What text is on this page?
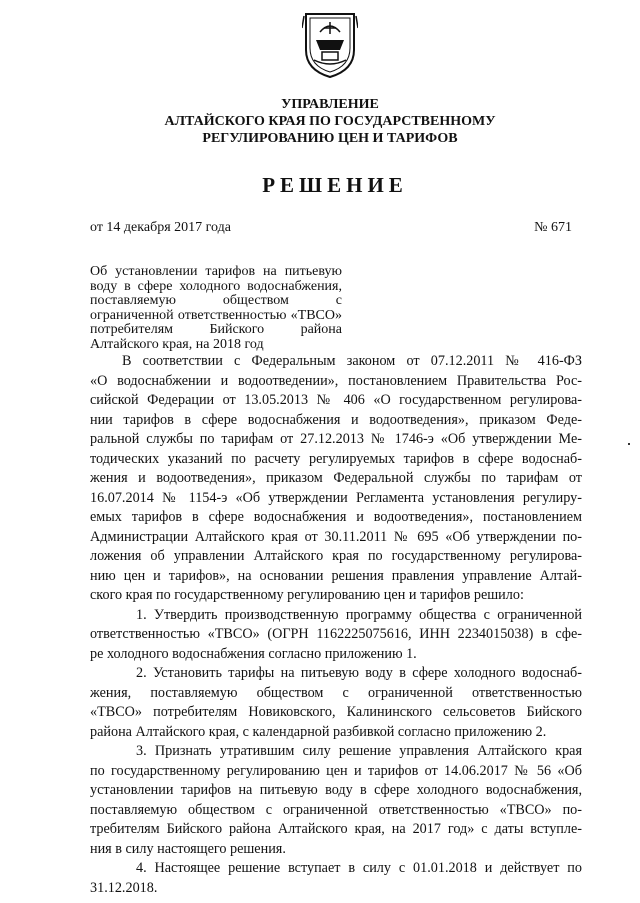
УПРАВЛЕНИЕ
АЛТАЙСКОГО КРАЯ ПО ГОСУДАРСТВЕННОМУ
РЕГУЛИРОВАНИЮ ЦЕН И ТАРИФОВ
РЕШЕНИЕ
от 14 декабря 2017 года	№ 671
Об установлении тарифов на питьевую воду в сфере холодного водоснабжения, поставляемую обществом с ограниченной ответственностью «ТВСО» потребителям Бийского района Алтайского края, на 2018 год
В соответствии с Федеральным законом от 07.12.2011 № 416-ФЗ
«О водоснабжении и водоотведении», постановлением Правительства Рос-
сийской Федерации от 13.05.2013 № 406 «О государственном регулирова-
нии тарифов в сфере водоснабжения и водоотведения», приказом Феде-
ральной службы по тарифам от 27.12.2013 № 1746-э «Об утверждении Ме-
тодических указаний по расчету регулируемых тарифов в сфере водоснаб-
жения и водоотведения», приказом Федеральной службы по тарифам от
16.07.2014 № 1154-э «Об утверждении Регламента установления регулиру-
емых тарифов в сфере водоснабжения и водоотведения», постановлением
Администрации Алтайского края от 30.11.2011 № 695 «Об утверждении по-
ложения об управлении Алтайского края по государственному регулирова-
нию цен и тарифов», на основании решения правления управление Алтай-
ского края по государственному регулированию цен и тарифов решило:
1. Утвердить производственную программу общества с ограниченной
ответственностью «ТВСО» (ОГРН 1162225075616, ИНН 2234015038) в сфе-
ре холодного водоснабжения согласно приложению 1.
2. Установить тарифы на питьевую воду в сфере холодного водоснаб-
жения, поставляемую обществом с ограниченной ответственностью
«ТВСО» потребителям Новиковского, Калининского сельсоветов Бийского
района Алтайского края, с календарной разбивкой согласно приложению 2.
3. Признать утратившим силу решение управления Алтайского края
по государственному регулированию цен и тарифов от 14.06.2017 № 56 «Об
установлении тарифов на питьевую воду в сфере холодного водоснабжения,
поставляемую обществом с ограниченной ответственностью «ТВСО» по-
требителям Бийского района Алтайского края, на 2017 год» с даты вступле-
ния в силу настоящего решения.
4. Настоящее решение вступает в силу с 01.01.2018 и действует по
31.12.2018.
